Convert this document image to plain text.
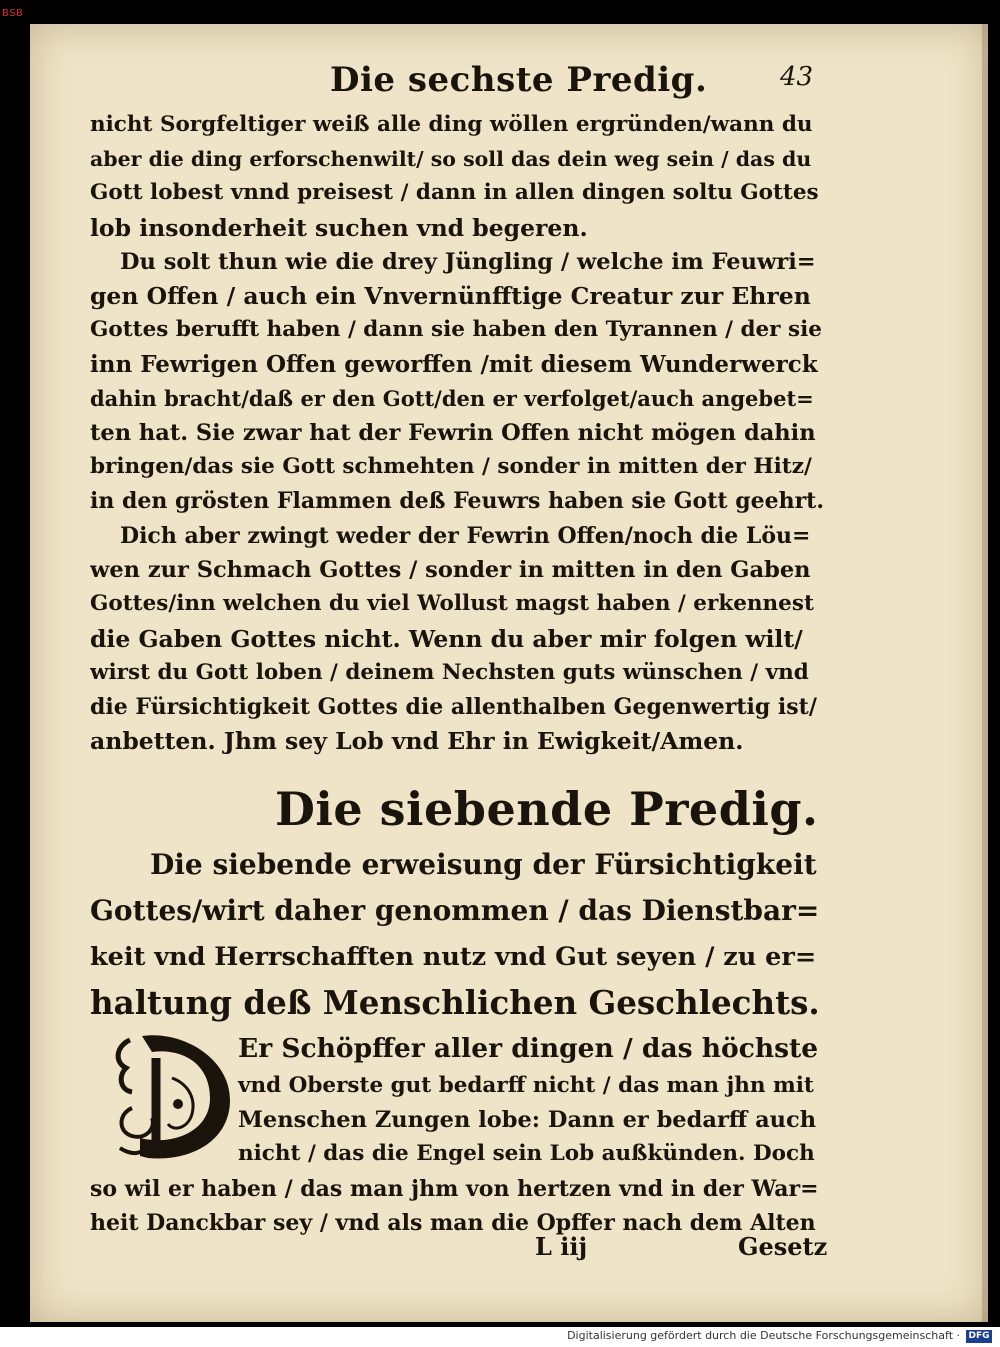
BSB
Die sechste Predig.	43

nicht Sorgfeltiger weiß alle ding wöllen ergründen/wann du
aber die ding erforschenwilt/ so soll das dein weg sein / das du
Gott lobest vnnd preisest / dann in allen dingen soltu Gottes
lob insonderheit suchen vnd begeren.

Du solt thun wie die drey Jüngling / welche im Feuwri=
gen Offen / auch ein Vnvernünfftige Creatur zur Ehren
Gottes berufft haben / dann sie haben den Tyrannen / der sie
inn Fewrigen Offen geworffen /mit diesem Wunderwerck
dahin bracht/daß er den Gott/den er verfolget/auch angebet=
ten hat. Sie zwar hat der Fewrin Offen nicht mögen dahin
bringen/das sie Gott schmehten / sonder in mitten der Hitz/
in den grösten Flammen deß Feuwrs haben sie Gott geehrt.

Dich aber zwingt weder der Fewrin Offen/noch die Löu=
wen zur Schmach Gottes / sonder in mitten in den Gaben
Gottes/inn welchen du viel Wollust magst haben / erkennest
die Gaben Gottes nicht. Wenn du aber mir folgen wilt/
wirst du Gott loben / deinem Nechsten guts wünschen / vnd
die Fürsichtigkeit Gottes die allenthalben Gegenwertig ist/
anbetten. Jhm sey Lob vnd Ehr in Ewigkeit/Amen.

Die siebende Predig.
Die siebende erweisung der Fürsichtigkeit
Gottes/wirt daher genommen / das Dienstbar=
keit vnd Herrschafften nutz vnd Gut seyen / zu er=
haltung deß Menschlichen Geschlechts.
D	Er Schöpffer aller dingen / das höchste
vnd Oberste gut bedarff nicht / das man jhn mit
Menschen Zungen lobe: Dann er bedarff auch
nicht / das die Engel sein Lob außkünden. Doch
so wil er haben / das man jhm von hertzen vnd in der War=
heit Danckbar sey / vnd als man die Opffer nach dem Alten
L iij	Gesetz
Digitalisierung gefördert durch die Deutsche Forschungsgemeinschaft · DFG
